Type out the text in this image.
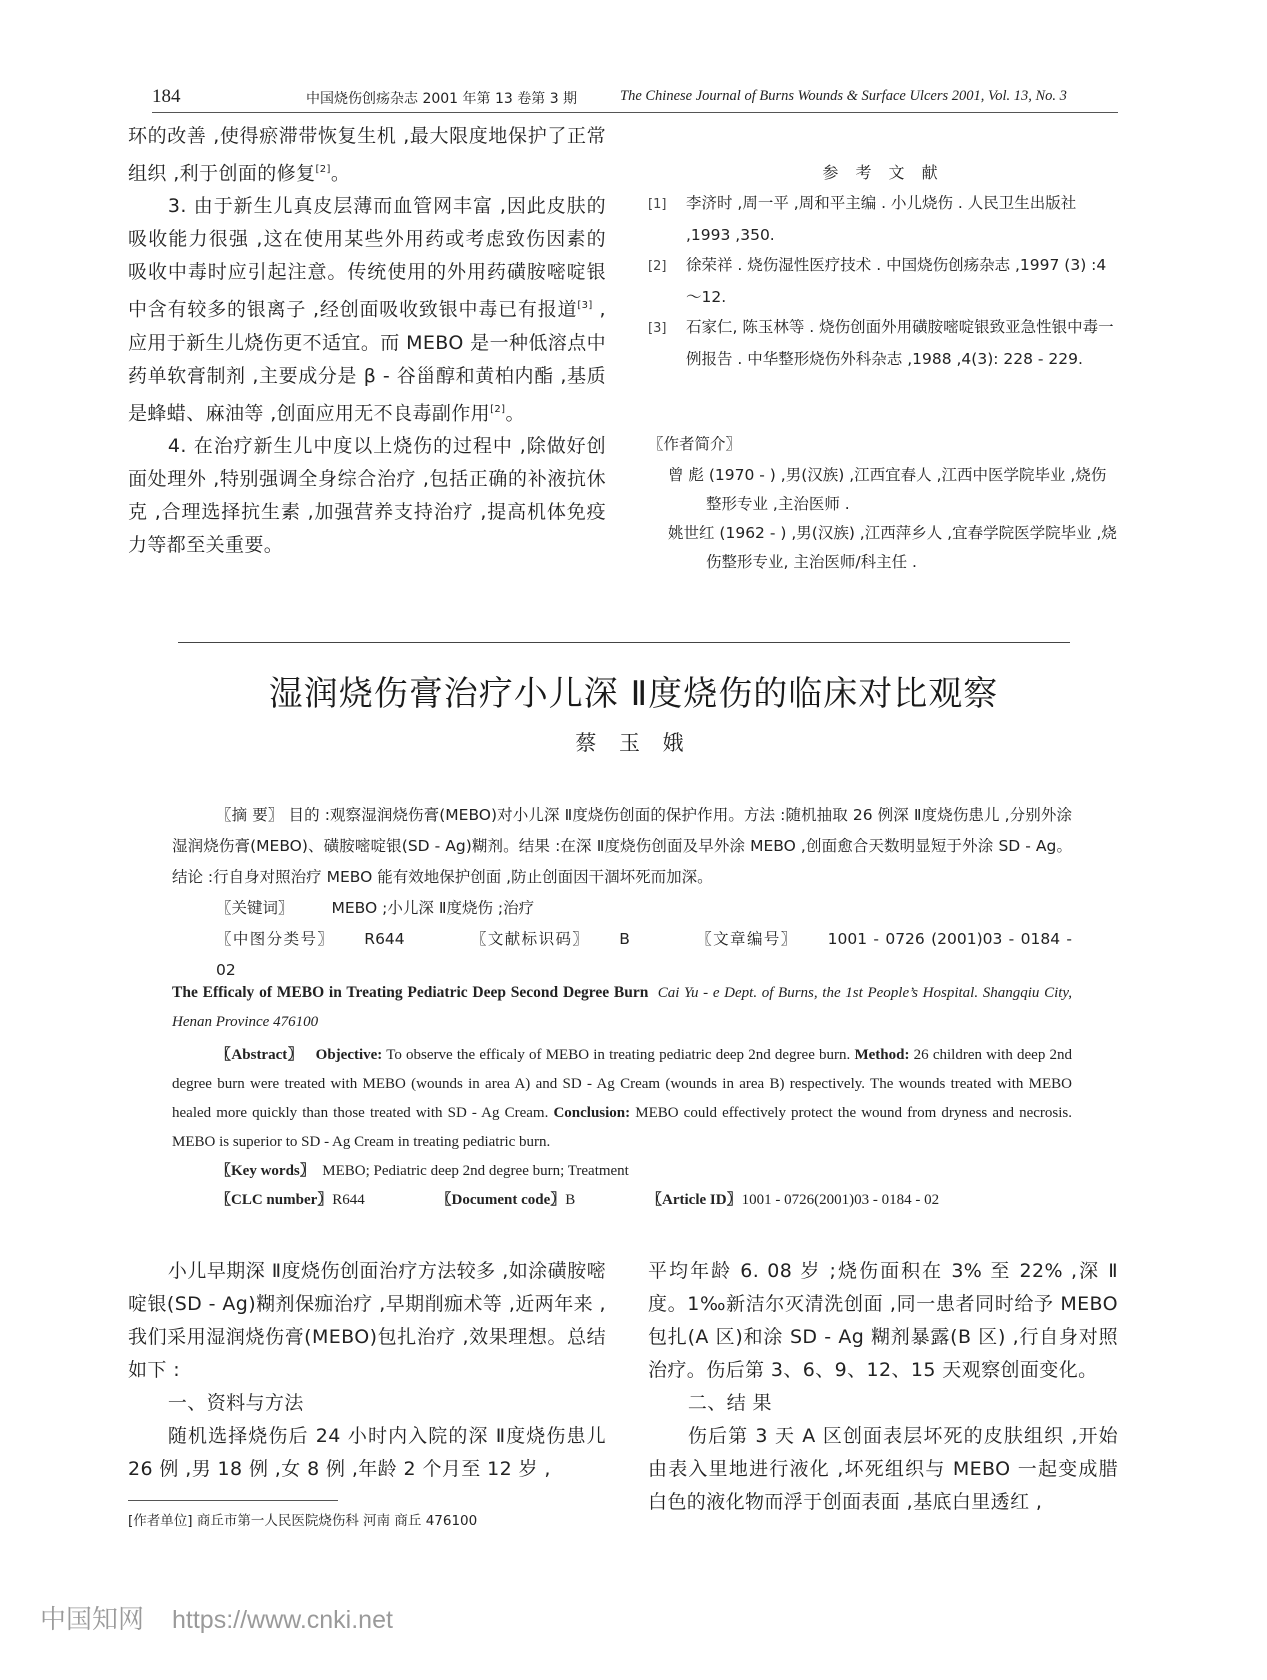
184	中国烧伤创疡杂志 2001 年第 13 卷第 3 期	The Chinese Journal of Burns Wounds & Surface Ulcers 2001, Vol. 13, No. 3

环的改善 ,使得瘀滞带恢复生机 ,最大限度地保护了正常组织 ,利于创面的修复[2]。

3. 由于新生儿真皮层薄而血管网丰富 ,因此皮肤的吸收能力很强 ,这在使用某些外用药或考虑致伤因素的吸收中毒时应引起注意。传统使用的外用药磺胺嘧啶银中含有较多的银离子 ,经创面吸收致银中毒已有报道[3] ,应用于新生儿烧伤更不适宜。而 MEBO 是一种低溶点中药单软膏制剂 ,主要成分是 β - 谷甾醇和黄柏内酯 ,基质是蜂蜡、麻油等 ,创面应用无不良毒副作用[2]。

4. 在治疗新生儿中度以上烧伤的过程中 ,除做好创面处理外 ,特别强调全身综合治疗 ,包括正确的补液抗休克 ,合理选择抗生素 ,加强营养支持治疗 ,提高机体免疫力等都至关重要。

参 考 文 献

[1] 李济时 ,周一平 ,周和平主编 . 小儿烧伤 . 人民卫生出版社 ,1993 ,350.

[2] 徐荣祥 . 烧伤湿性医疗技术 . 中国烧伤创疡杂志 ,1997 (3) :4 ～12.

[3] 石家仁, 陈玉林等 . 烧伤创面外用磺胺嘧啶银致亚急性银中毒一例报告 . 中华整形烧伤外科杂志 ,1988 ,4(3): 228 - 229.

〖作者简介〗

曾 彪 (1970 - ) ,男(汉族) ,江西宜春人 ,江西中医学院毕业 ,烧伤整形专业 ,主治医师 .

姚世红 (1962 - ) ,男(汉族) ,江西萍乡人 ,宜春学院医学院毕业 ,烧伤整形专业, 主治医师/科主任 .

湿润烧伤膏治疗小儿深 Ⅱ度烧伤的临床对比观察
蔡 玉 娥

〖摘 要〗 目的 :观察湿润烧伤膏(MEBO)对小儿深 Ⅱ度烧伤创面的保护作用。方法 :随机抽取 26 例深 Ⅱ度烧伤患儿 ,分别外涂湿润烧伤膏(MEBO)、磺胺嘧啶银(SD - Ag)糊剂。结果 :在深 Ⅱ度烧伤创面及早外涂 MEBO ,创面愈合天数明显短于外涂 SD - Ag。结论 :行自身对照治疗 MEBO 能有效地保护创面 ,防止创面因干涸坏死而加深。

〖关键词〗 MEBO ;小儿深 Ⅱ度烧伤 ;治疗

〖中图分类号〗 R644	〖文献标识码〗 B	〖文章编号〗 1001 - 0726 (2001)03 - 0184 - 02

The Efficaly of MEBO in Treating Pediatric Deep Second Degree Burn Cai Yu - e Dept. of Burns, the 1st People’s Hospital. Shangqiu City, Henan Province 476100

〖Abstract〗 Objective: To observe the efficaly of MEBO in treating pediatric deep 2nd degree burn. Method: 26 children with deep 2nd degree burn were treated with MEBO (wounds in area A) and SD - Ag Cream (wounds in area B) respectively. The wounds treated with MEBO healed more quickly than those treated with SD - Ag Cream. Conclusion: MEBO could effectively protect the wound from dryness and necrosis. MEBO is superior to SD - Ag Cream in treating pediatric burn.

〖Key words〗 MEBO; Pediatric deep 2nd degree burn; Treatment

〖CLC number〗R644	〖Document code〗B	〖Article ID〗1001 - 0726(2001)03 - 0184 - 02

小儿早期深 Ⅱ度烧伤创面治疗方法较多 ,如涂磺胺嘧啶银(SD - Ag)糊剂保痂治疗 ,早期削痂术等 ,近两年来 ,我们采用湿润烧伤膏(MEBO)包扎治疗 ,效果理想。总结如下 :

一、资料与方法

随机选择烧伤后 24 小时内入院的深 Ⅱ度烧伤患儿 26 例 ,男 18 例 ,女 8 例 ,年龄 2 个月至 12 岁 ,

平均年龄 6. 08 岁 ;烧伤面积在 3% 至 22% ,深 Ⅱ度。1‰新洁尔灭清洗创面 ,同一患者同时给予 MEBO 包扎(A 区)和涂 SD - Ag 糊剂暴露(B 区) ,行自身对照治疗。伤后第 3、6、9、12、15 天观察创面变化。

二、结 果

伤后第 3 天 A 区创面表层坏死的皮肤组织 ,开始由表入里地进行液化 ,坏死组织与 MEBO 一起变成腊白色的液化物而浮于创面表面 ,基底白里透红 ,

[作者单位] 商丘市第一人民医院烧伤科 河南 商丘 476100
中国知网 https://www.cnki.net
